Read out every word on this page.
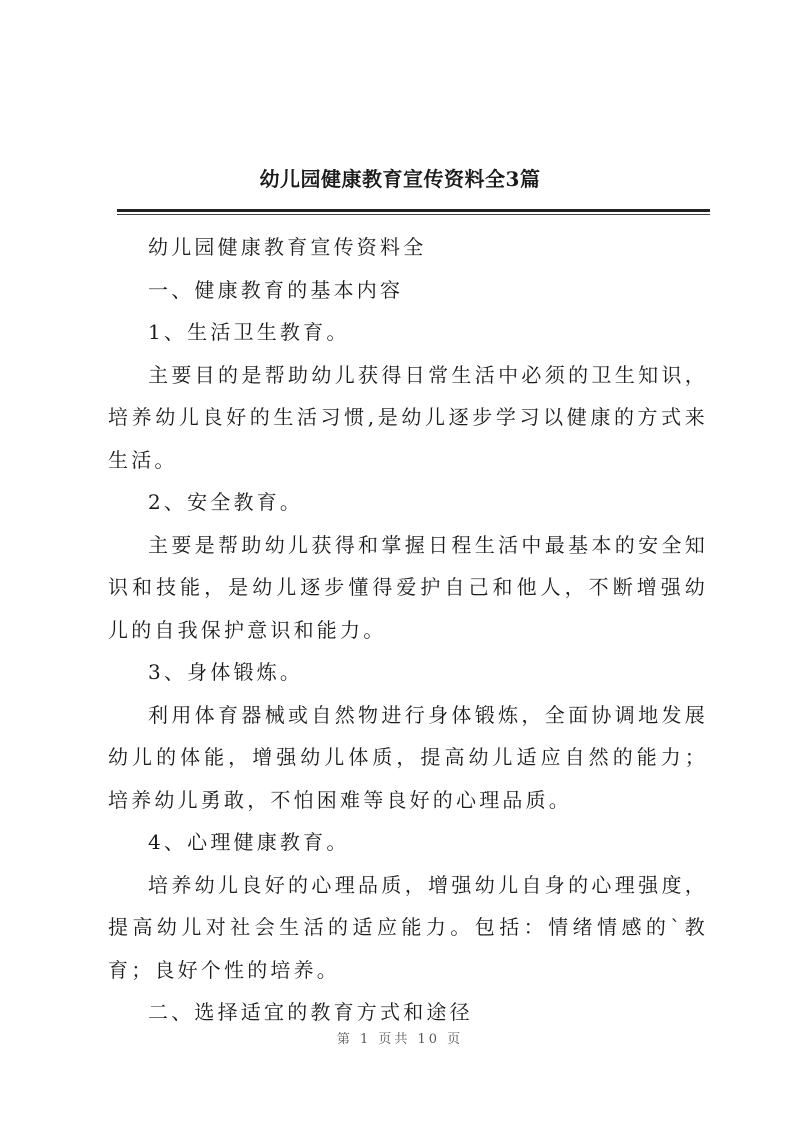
幼儿园健康教育宣传资料全3篇

幼儿园健康教育宣传资料全

一、健康教育的基本内容

1、生活卫生教育。

主要目的是帮助幼儿获得日常生活中必须的卫生知识，培养幼儿良好的生活习惯,是幼儿逐步学习以健康的方式来生活。

2、安全教育。

主要是帮助幼儿获得和掌握日程生活中最基本的安全知识和技能，是幼儿逐步懂得爱护自己和他人，不断增强幼儿的自我保护意识和能力。

3、身体锻炼。

利用体育器械或自然物进行身体锻炼，全面协调地发展幼儿的体能，增强幼儿体质，提高幼儿适应自然的能力；培养幼儿勇敢，不怕困难等良好的心理品质。

4、心理健康教育。

培养幼儿良好的心理品质，增强幼儿自身的心理强度，提高幼儿对社会生活的适应能力。包括：情绪情感的`教育；良好个性的培养。

二、选择适宜的教育方式和途径

第 1 页共 10 页
